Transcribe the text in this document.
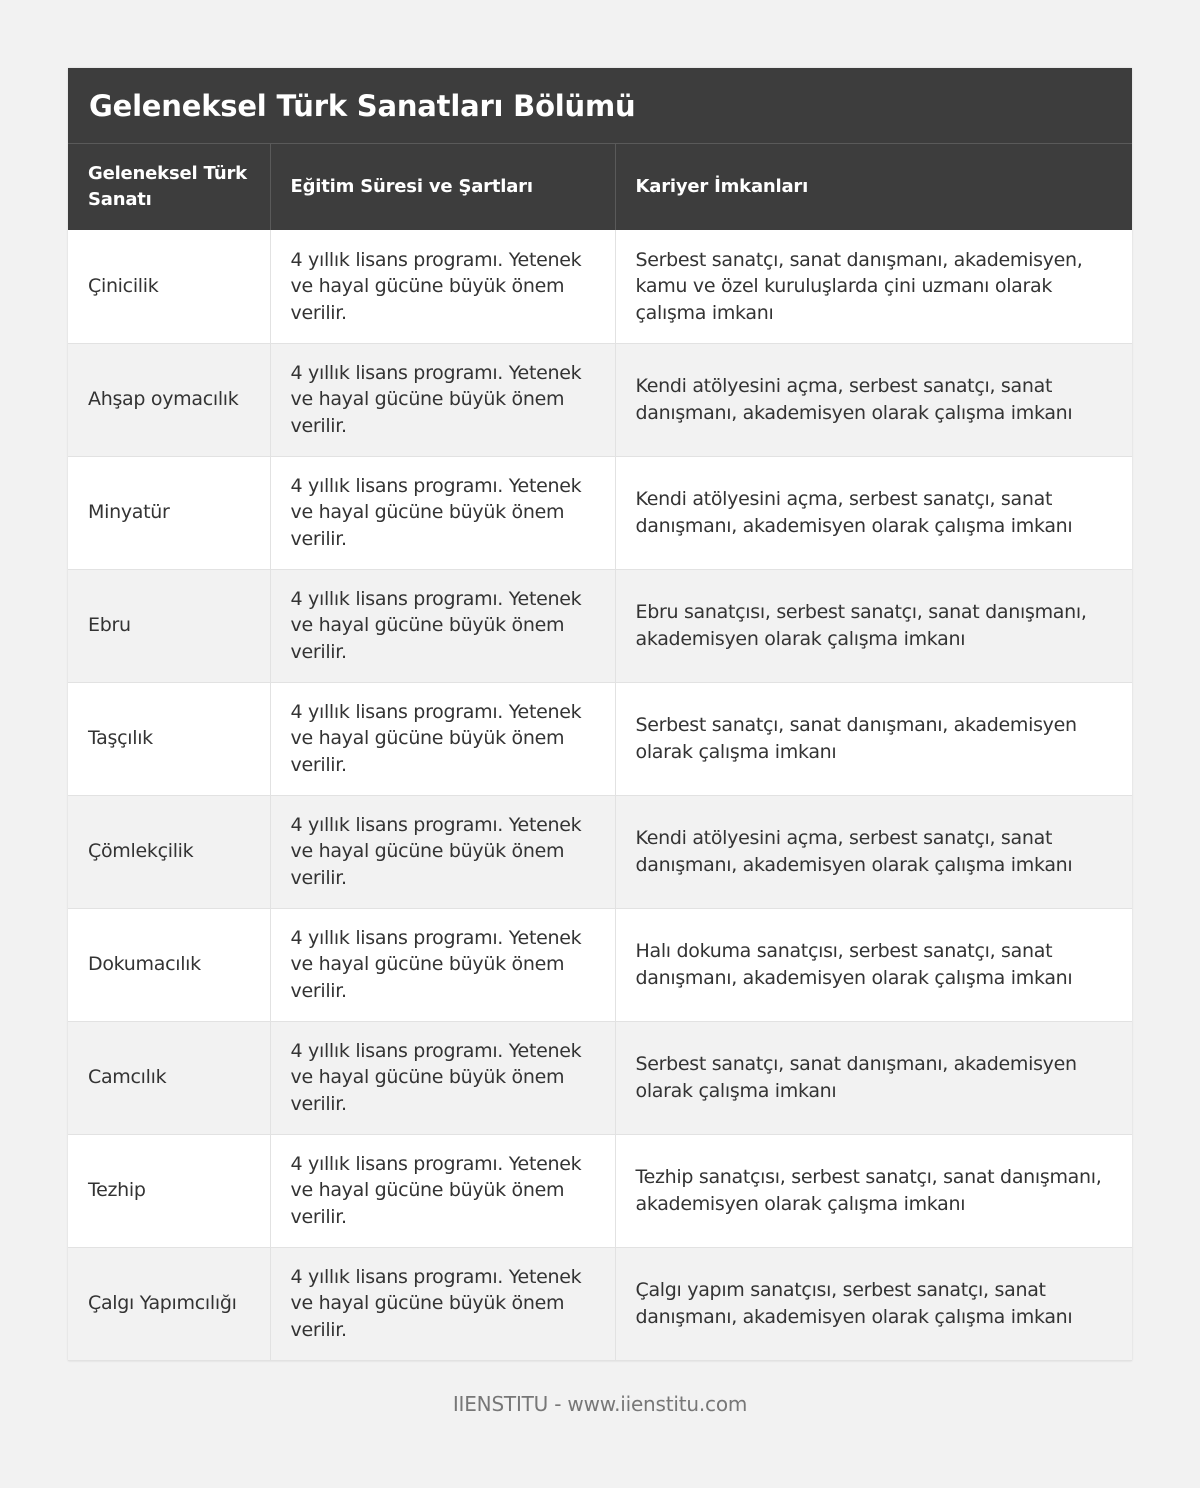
Geleneksel Türk Sanatları Bölümü
Geleneksel Türk Sanatı	Eğitim Süresi ve Şartları	Kariyer İmkanları
Çinicilik	4 yıllık lisans programı. Yetenek ve hayal gücüne büyük önem verilir.	Serbest sanatçı, sanat danışmanı, akademisyen, kamu ve özel kuruluşlarda çini uzmanı olarak çalışma imkanı
Ahşap oymacılık	4 yıllık lisans programı. Yetenek ve hayal gücüne büyük önem verilir.	Kendi atölyesini açma, serbest sanatçı, sanat danışmanı, akademisyen olarak çalışma imkanı
Minyatür	4 yıllık lisans programı. Yetenek ve hayal gücüne büyük önem verilir.	Kendi atölyesini açma, serbest sanatçı, sanat danışmanı, akademisyen olarak çalışma imkanı
Ebru	4 yıllık lisans programı. Yetenek ve hayal gücüne büyük önem verilir.	Ebru sanatçısı, serbest sanatçı, sanat danışmanı, akademisyen olarak çalışma imkanı
Taşçılık	4 yıllık lisans programı. Yetenek ve hayal gücüne büyük önem verilir.	Serbest sanatçı, sanat danışmanı, akademisyen olarak çalışma imkanı
Çömlekçilik	4 yıllık lisans programı. Yetenek ve hayal gücüne büyük önem verilir.	Kendi atölyesini açma, serbest sanatçı, sanat danışmanı, akademisyen olarak çalışma imkanı
Dokumacılık	4 yıllık lisans programı. Yetenek ve hayal gücüne büyük önem verilir.	Halı dokuma sanatçısı, serbest sanatçı, sanat danışmanı, akademisyen olarak çalışma imkanı
Camcılık	4 yıllık lisans programı. Yetenek ve hayal gücüne büyük önem verilir.	Serbest sanatçı, sanat danışmanı, akademisyen olarak çalışma imkanı
Tezhip	4 yıllık lisans programı. Yetenek ve hayal gücüne büyük önem verilir.	Tezhip sanatçısı, serbest sanatçı, sanat danışmanı, akademisyen olarak çalışma imkanı
Çalgı Yapımcılığı	4 yıllık lisans programı. Yetenek ve hayal gücüne büyük önem verilir.	Çalgı yapım sanatçısı, serbest sanatçı, sanat danışmanı, akademisyen olarak çalışma imkanı
IIENSTITU - www.iienstitu.com
